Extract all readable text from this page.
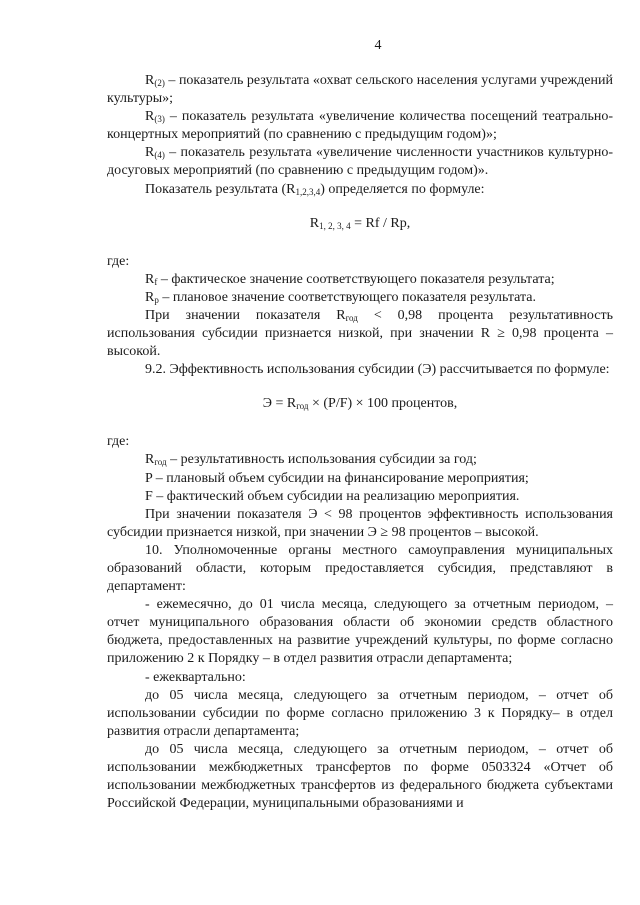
4

$R_{(2)}$ – показатель результата «охват сельского населения услугами учреждений культуры»;

$R_{(3)}$ – показатель результата «увеличение количества посещений театрально-концертных мероприятий (по сравнению с предыдущим годом)»;

$R_{(4)}$ – показатель результата «увеличение численности участников культурно-досуговых мероприятий (по сравнению с предыдущим годом)».

Показатель результата $(R_{1,2,3,4})$ определяется по формуле:

$R_{1, 2, 3, 4} = Rf / Rp$,

где:

$R_f$ – фактическое значение соответствующего показателя результата;

$R_p$ – плановое значение соответствующего показателя результата.

При значении показателя $R_{год} < 0,98$ процента результативность использования субсидии признается низкой, при значении R ≥ 0,98 процента – высокой.

9.2. Эффективность использования субсидии (Э) рассчитывается по формуле:

$Э = R_{год} \times (P/F) \times 100$ процентов,

где:

$R_{год}$ – результативность использования субсидии за год;

P – плановый объем субсидии на финансирование мероприятия;

F – фактический объем субсидии на реализацию мероприятия.

При значении показателя Э < 98 процентов эффективность использования субсидии признается низкой, при значении Э ≥ 98 процентов – высокой.

10. Уполномоченные органы местного самоуправления муниципальных образований области, которым предоставляется субсидия, представляют в департамент:

- ежемесячно, до 01 числа месяца, следующего за отчетным периодом, – отчет муниципального образования области об экономии средств областного бюджета, предоставленных на развитие учреждений культуры, по форме согласно приложению 2 к Порядку – в отдел развития отрасли департамента;

- ежеквартально:

до 05 числа месяца, следующего за отчетным периодом, – отчет об использовании субсидии по форме согласно приложению 3 к Порядку– в отдел развития отрасли департамента;

до 05 числа месяца, следующего за отчетным периодом, – отчет об использовании межбюджетных трансфертов по форме 0503324 «Отчет об использовании межбюджетных трансфертов из федерального бюджета субъектами Российской Федерации, муниципальными образованиями и
